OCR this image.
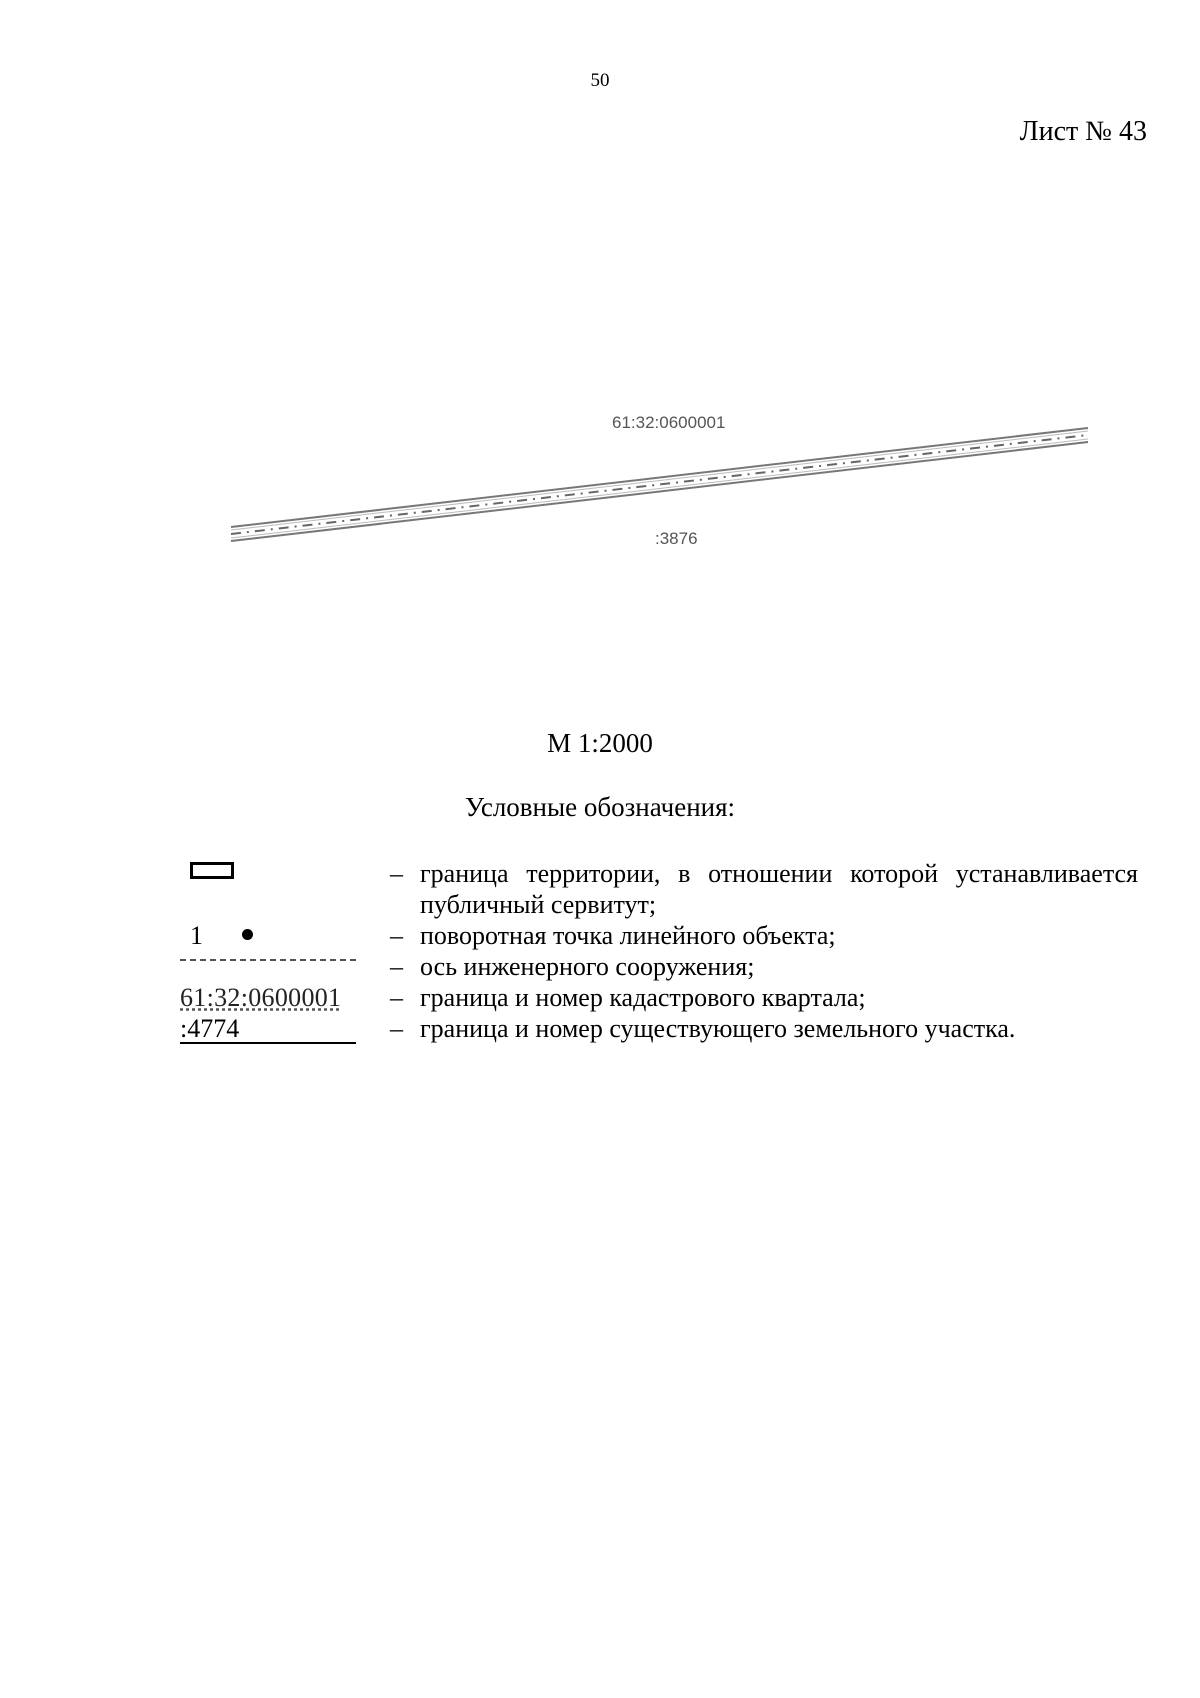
50
Лист № 43
61:32:0600001
:3876
М 1:2000
Условные обозначения:
– граница территории, в отношении которой устанавливается публичный сервитут;
1	– поворотная точка линейного объекта;
– ось инженерного сооружения;
61:32:0600001	– граница и номер кадастрового квартала;
:4774	– граница и номер существующего земельного участка.
